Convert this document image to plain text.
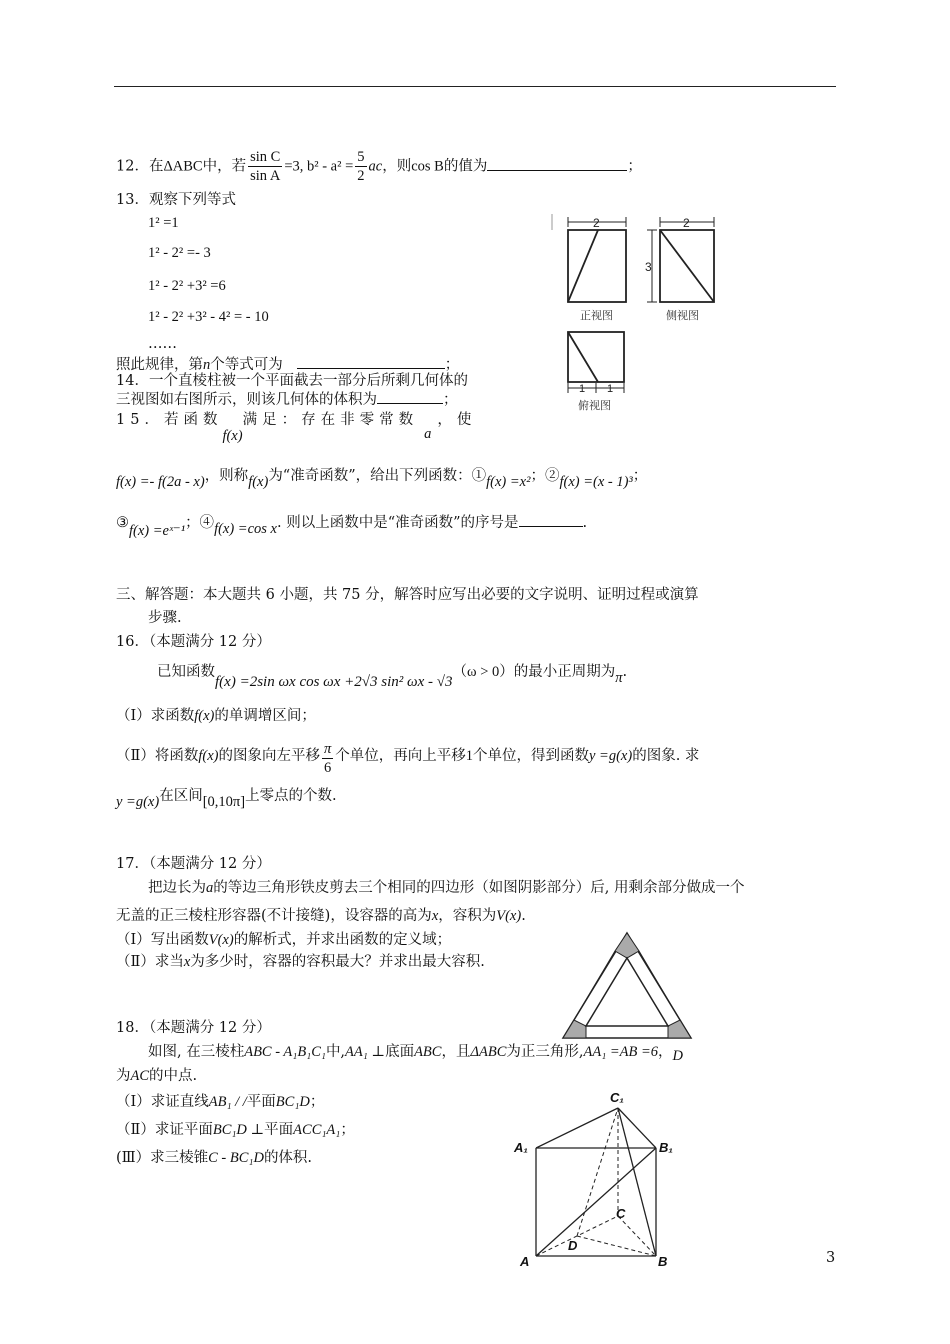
12．在ΔABC中，若 $\frac{\text{sin C}}{\text{sin A}} =3$, $b^2 - a^2 = \frac{5}{2}$ ac，则cos B的值为	；
13．观察下列等式
1² =1
1² - 2² =- 3
1² - 2² +3² =6
1² - 2² +3² - 4² = - 10
……
照此规律，第n个等式可为	；
14．一个直棱柱被一个平面截去一部分后所剩几何体的
三视图如右图所示，则该几何体的体积为	；
2
正视图
2
3
侧视图
1 1
俯视图
15．若函数f(x)满足：存在非零常数a，使
f(x) =- f(2a - x)，则称f(x)为“准奇函数”，给出下列函数：①f(x) =x²；②f(x) =(x - 1)³；
③f(x) =eˣ⁻¹；④f(x) =cos x. 则以上函数中是“准奇函数”的序号是	.
三、解答题：本大题共 6 小题，共 75 分，解答时应写出必要的文字说明、证明过程或演算
步骤.
16．（本题满分 12 分）
已知函数f(x) =2sin ωx cos ωx +2√3 sin² ωx - √3（ω > 0）的最小正周期为π.
（Ⅰ）求函数f(x)的单调增区间；
（Ⅱ）将函数f(x)的图象向左平移 $\frac{\pi}{6}$ 个单位，再向上平移1个单位，得到函数y =g(x)的图象. 求
y =g(x)在区间[0,10π]上零点的个数.
17．（本题满分 12 分）
把边长为a的等边三角形铁皮剪去三个相同的四边形（如图阴影部分）后, 用剩余部分做成一个
无盖的正三棱柱形容器(不计接缝)，设容器的高为x，容积为V(x).
（Ⅰ）写出函数V(x)的解析式，并求出函数的定义域；
（Ⅱ）求当x为多少时，容器的容积最大？并求出最大容积.
18．（本题满分 12 分）
如图, 在三棱柱ABC - A₁B₁C₁中,AA₁ ⊥底面ABC，且ΔABC为正三角形,AA₁ =AB =6，D
为AC的中点.
（Ⅰ）求证直线AB₁ / /平面BC₁D；
（Ⅱ）求证平面BC₁D ⊥平面ACC₁A₁；
(Ⅲ）求三棱锥C - BC₁D的体积.
C₁
A₁	B₁
A	B
C
D
3
